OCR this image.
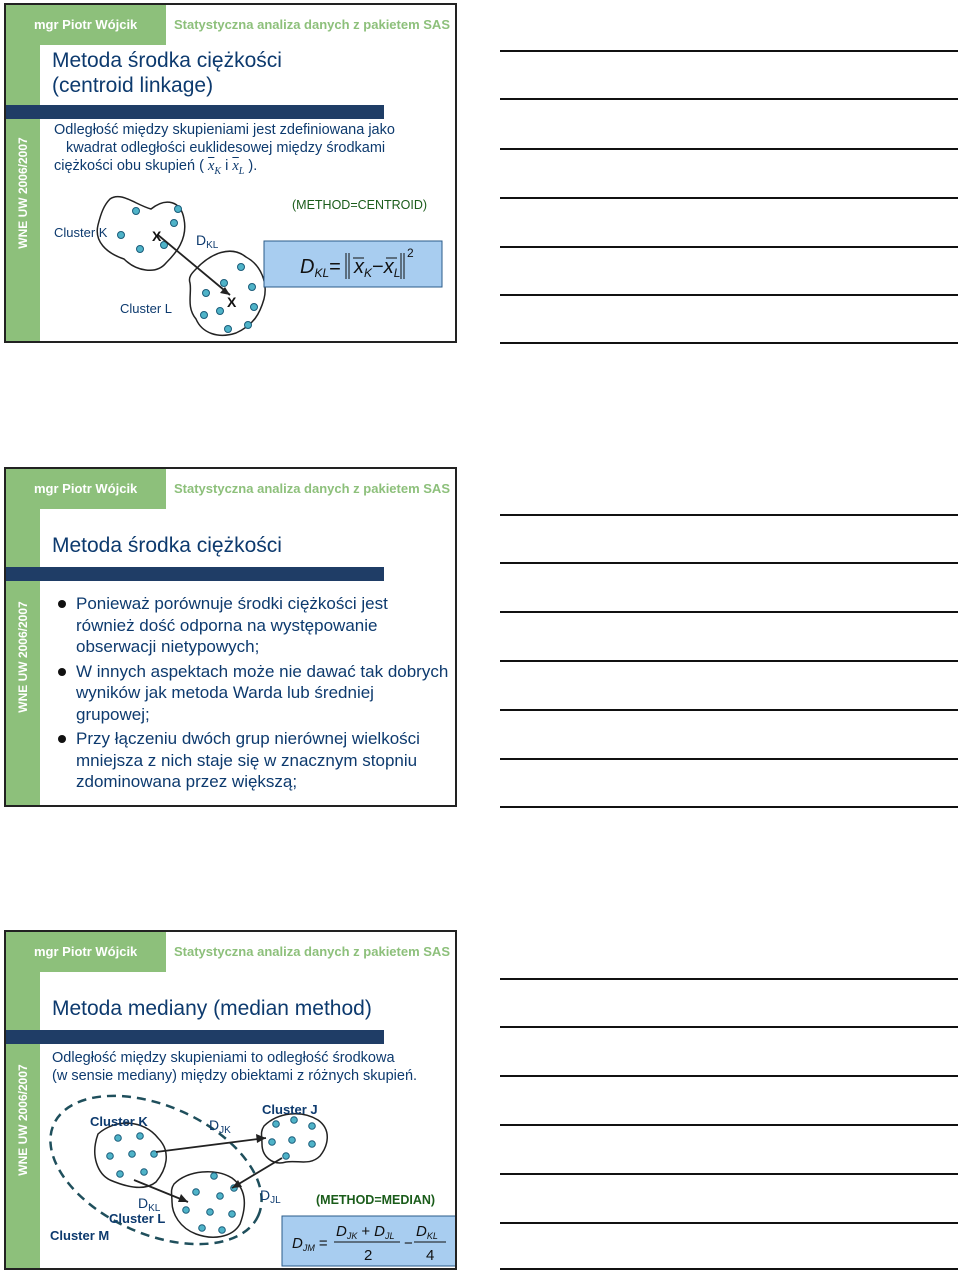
mgr Piotr Wójcik	Statystyczna analiza danych z pakietem SAS
WNE UW 2006/2007
Metoda środka ciężkości
(centroid linkage)
Odległość między skupieniami jest zdefiniowana jako
kwadrat odległości euklidesowej między środkami
ciężkości obu skupień ( $\overline{x}_K$ i $\overline{x}_L$ ).
X
X
Cluster K
Cluster L
$D_{KL}$
(METHOD=CENTROID)
$D_{KL}= x_K-x_L$
2
mgr Piotr Wójcik	Statystyczna analiza danych z pakietem SAS
WNE UW 2006/2007
Metoda środka ciężkości
Ponieważ porównuje środki ciężkości jest również dość odporna na występowanie obserwacji nietypowych;
W innych aspektach może nie dawać tak dobrych wyników jak metoda Warda lub średniej grupowej;
Przy łączeniu dwóch grup nierównej wielkości mniejsza z nich staje się w znacznym stopniu zdominowana przez większą;
mgr Piotr Wójcik	Statystyczna analiza danych z pakietem SAS
WNE UW 2006/2007
Metoda mediany (median method)
Odległość między skupieniami to odległość środkowa
(w sensie mediany) między obiektami z różnych skupień.
Cluster K
Cluster J
Cluster L
Cluster M
$D_{JK}$
$D_{JL}$
$D_{KL}$
(METHOD=MEDIAN)
$D_{JM}$ =
$D_{JK} + D_{JL}$
2
−
$D_{KL}$
4
